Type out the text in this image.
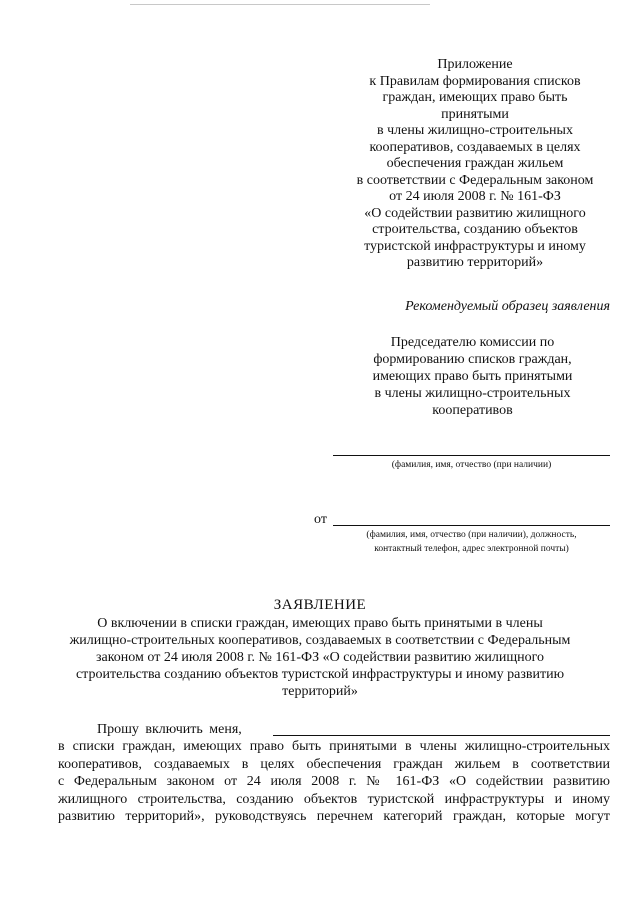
Приложение
к Правилам формирования списков
граждан, имеющих право быть
принятыми
в члены жилищно-строительных
кооперативов, создаваемых в целях
обеспечения граждан жильем
в соответствии с Федеральным законом
от 24 июля 2008 г. № 161-ФЗ
«О содействии развитию жилищного
строительства, созданию объектов
туристской инфраструктуры и иному
развитию территорий»
Рекомендуемый образец заявления
Председателю комиссии по
формированию списков граждан,
имеющих право быть принятыми
в члены жилищно-строительных
кооперативов
(фамилия, имя, отчество (при наличии)
от
(фамилия, имя, отчество (при наличии), должность,
контактный телефон, адрес электронной почты)
ЗАЯВЛЕНИЕ
О включении в списки граждан, имеющих право быть принятыми в члены
жилищно-строительных кооперативов, создаваемых в соответствии с Федеральным
законом от 24 июля 2008 г. № 161-ФЗ «О содействии развитию жилищного
строительства созданию объектов туристской инфраструктуры и иному развитию
территорий»
Прошу включить меня,
в списки граждан, имеющих право быть принятыми в члены жилищно-строительных
кооперативов, создаваемых в целях обеспечения граждан жильем в соответствии
с Федеральным законом от 24 июля 2008 г. № 161-ФЗ «О содействии развитию
жилищного строительства, созданию объектов туристской инфраструктуры и иному
развитию территорий», руководствуясь перечнем категорий граждан, которые могут
